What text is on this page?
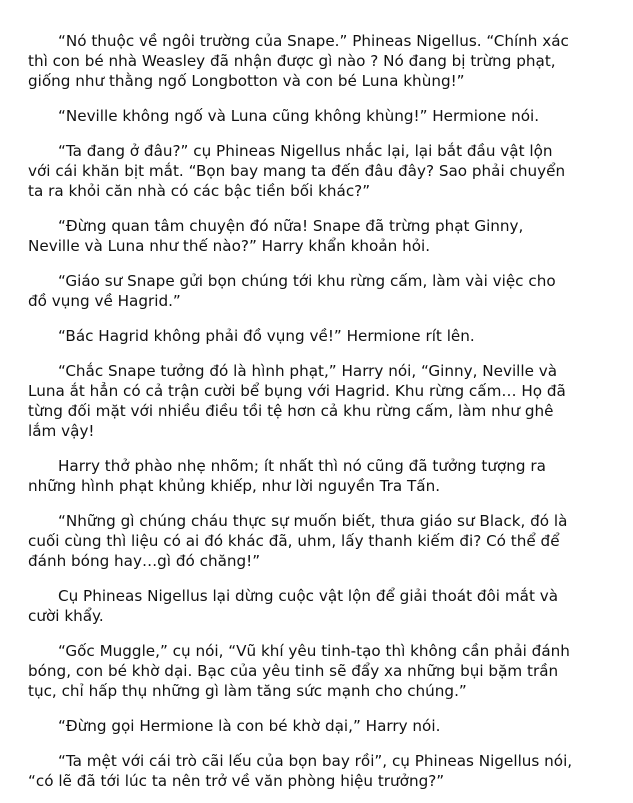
“Nó thuộc về ngôi trường của Snape.” Phineas Nigellus. “Chính xác
thì con bé nhà Weasley đã nhận được gì nào ? Nó đang bị trừng phạt,
giống như thằng ngố Longbotton và con bé Luna khùng!”

“Neville không ngố và Luna cũng không khùng!” Hermione nói.

“Ta đang ở đâu?” cụ Phineas Nigellus nhắc lại, lại bắt đầu vật lộn
với cái khăn bịt mắt. “Bọn bay mang ta đến đâu đây? Sao phải chuyển
ta ra khỏi căn nhà có các bậc tiền bối khác?”

“Đừng quan tâm chuyện đó nữa! Snape đã trừng phạt Ginny,
Neville và Luna như thế nào?” Harry khẩn khoản hỏi.

“Giáo sư Snape gửi bọn chúng tới khu rừng cấm, làm vài việc cho
đồ vụng về Hagrid.”

“Bác Hagrid không phải đồ vụng về!” Hermione rít lên.

“Chắc Snape tưởng đó là hình phạt,” Harry nói, “Ginny, Neville và
Luna ắt hẳn có cả trận cười bể bụng với Hagrid. Khu rừng cấm… Họ đã
từng đối mặt với nhiều điều tồi tệ hơn cả khu rừng cấm, làm như ghê
lắm vậy!

Harry thở phào nhẹ nhõm; ít nhất thì nó cũng đã tưởng tượng ra
những hình phạt khủng khiếp, như lời nguyền Tra Tấn.

“Những gì chúng cháu thực sự muốn biết, thưa giáo sư Black, đó là
cuối cùng thì liệu có ai đó khác đã, uhm, lấy thanh kiếm đi? Có thể để
đánh bóng hay…gì đó chăng!”

Cụ Phineas Nigellus lại dừng cuộc vật lộn để giải thoát đôi mắt và
cười khẩy.

“Gốc Muggle,” cụ nói, “Vũ khí yêu tinh-tạo thì không cần phải đánh
bóng, con bé khờ dại. Bạc của yêu tinh sẽ đẩy xa những bụi bặm trần
tục, chỉ hấp thụ những gì làm tăng sức mạnh cho chúng.”

“Đừng gọi Hermione là con bé khờ dại,” Harry nói.

“Ta mệt với cái trò cãi lếu của bọn bay rồi”, cụ Phineas Nigellus nói,
“có lẽ đã tới lúc ta nên trở về văn phòng hiệu trưởng?”
